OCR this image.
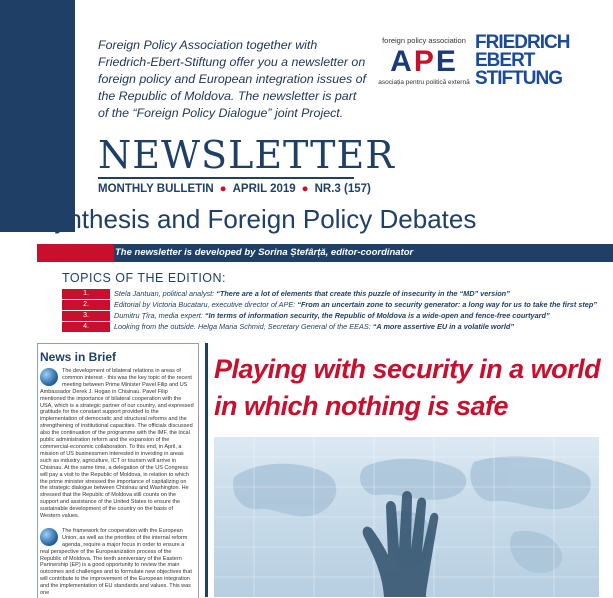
Foreign Policy Association together with Friedrich-Ebert-Stiftung offer you a newsletter on foreign policy and European integration issues of the Republic of Moldova. The newsletter is part of the “Foreign Policy Dialogue” joint Project.
foreign policy association
APE
asociația pentru politică externă
FRIEDRICH
EBERT
STIFTUNG
NEWSLETTER
MONTHLY BULLETIN ● APRIL 2019 ● NR.3 (157)
Synthesis and Foreign Policy Debates
The newsletter is developed by Sorina Ștefârță, editor-coordinator
TOPICS OF THE EDITION:
1.	Stela Jantuan, political analyst: “There are a lot of elements that create this puzzle of insecurity in the “MD” version”
2.	Editorial by Victoria Bucataru, executive director of APE: “From an uncertain zone to security generator: a long way for us to take the first step”
3.	Dumitru Țîra, media expert: “In terms of information security, the Republic of Moldova is a wide-open and fence-free courtyard”
4.	Looking from the outside. Helga Maria Schmid, Secretary General of the EEAS: “A more assertive EU in a volatile world”
News in Brief
The development of bilateral relations in areas of common interest - this was the key topic of the recent meeting between Prime Minister Pavel Filip and US Ambassador Derek J. Hogan in Chisinau. Pavel Filip mentioned the importance of bilateral cooperation with the USA, which is a strategic partner of our country, and expressed gratitude for the constant support provided to the implementation of democratic and structural reforms and the strengthening of institutional capacities. The officials discussed also the continuation of the programme with the IMF, the local public administration reform and the expansion of the commercial-economic collaboration. To this end, in April, a mission of US businessmen interested in investing in areas such as industry, agriculture, ICT or tourism will arrive in Chisinau. At the same time, a delegation of the US Congress will pay a visit to the Republic of Moldova, in relation to which the prime minister stressed the importance of capitalizing on the strategic dialogue between Chisinau and Washington. He stressed that the Republic of Moldova still counts on the support and assistance of the United States to ensure the sustainable development of the country on the basis of Western values.
The framework for cooperation with the European Union, as well as the priorities of the internal reform agenda, require a major focus in order to ensure a real perspective of the Europeanization process of the Republic of Moldova. The tenth anniversary of the Eastern Partnership (EP) is a good opportunity to review the main outcomes and challenges and to formulate new objectives that will contribute to the improvement of the European integration and the implementation of EU standards and values. This was one
Playing with security in a world in which nothing is safe
